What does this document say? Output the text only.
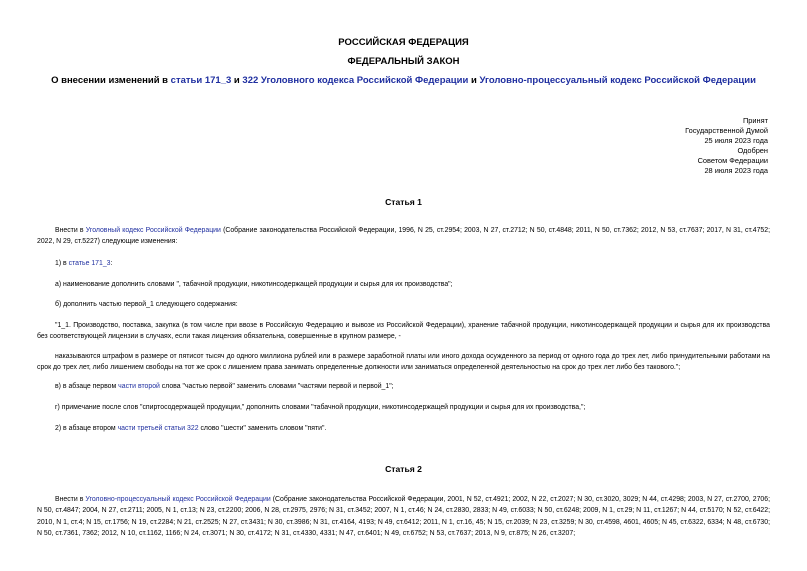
РОССИЙСКАЯ ФЕДЕРАЦИЯ
ФЕДЕРАЛЬНЫЙ ЗАКОН
О внесении изменений в статьи 171_3 и 322 Уголовного кодекса Российской Федерации и Уголовно-процессуальный кодекс Российской Федерации
Принят
Государственной Думой
25 июля 2023 года
Одобрен
Советом Федерации
28 июля 2023 года
Статья 1
Внести в Уголовный кодекс Российской Федерации (Собрание законодательства Российской Федерации, 1996, N 25, ст.2954; 2003, N 27, ст.2712; N 50, ст.4848; 2011, N 50, ст.7362; 2012, N 53, ст.7637; 2017, N 31, ст.4752; 2022, N 29, ст.5227) следующие изменения:
1) в статье 171_3:
а) наименование дополнить словами ", табачной продукции, никотинсодержащей продукции и сырья для их производства";
б) дополнить частью первой_1 следующего содержания:
"1_1. Производство, поставка, закупка (в том числе при ввозе в Российскую Федерацию и вывозе из Российской Федерации), хранение табачной продукции, никотинсодержащей продукции и сырья для их производства без соответствующей лицензии в случаях, если такая лицензия обязательна, совершенные в крупном размере, -
наказываются штрафом в размере от пятисот тысяч до одного миллиона рублей или в размере заработной платы или иного дохода осужденного за период от одного года до трех лет, либо принудительными работами на срок до трех лет, либо лишением свободы на тот же срок с лишением права занимать определенные должности или заниматься определенной деятельностью на срок до трех лет либо без такового.";
в) в абзаце первом части второй слова "частью первой" заменить словами "частями первой и первой_1";
г) примечание после слов "спиртосодержащей продукции," дополнить словами "табачной продукции, никотинсодержащей продукции и сырья для их производства,";
2) в абзаце втором части третьей статьи 322 слово "шести" заменить словом "пяти".
Статья 2
Внести в Уголовно-процессуальный кодекс Российской Федерации (Собрание законодательства Российской Федерации, 2001, N 52, ст.4921; 2002, N 22, ст.2027; N 30, ст.3020, 3029; N 44, ст.4298; 2003, N 27, ст.2700, 2706; N 50, ст.4847; 2004, N 27, ст.2711; 2005, N 1, ст.13; N 23, ст.2200; 2006, N 28, ст.2975, 2976; N 31, ст.3452; 2007, N 1, ст.46; N 24, ст.2830, 2833; N 49, ст.6033; N 50, ст.6248; 2009, N 1, ст.29; N 11, ст.1267; N 44, ст.5170; N 52, ст.6422; 2010, N 1, ст.4; N 15, ст.1756; N 19, ст.2284; N 21, ст.2525; N 27, ст.3431; N 30, ст.3986; N 31, ст.4164, 4193; N 49, ст.6412; 2011, N 1, ст.16, 45; N 15, ст.2039; N 23, ст.3259; N 30, ст.4598, 4601, 4605; N 45, ст.6322, 6334; N 48, ст.6730; N 50, ст.7361, 7362; 2012, N 10, ст.1162, 1166; N 24, ст.3071; N 30, ст.4172; N 31, ст.4330, 4331; N 47, ст.6401; N 49, ст.6752; N 53, ст.7637; 2013, N 9, ст.875; N 26, ст.3207;
